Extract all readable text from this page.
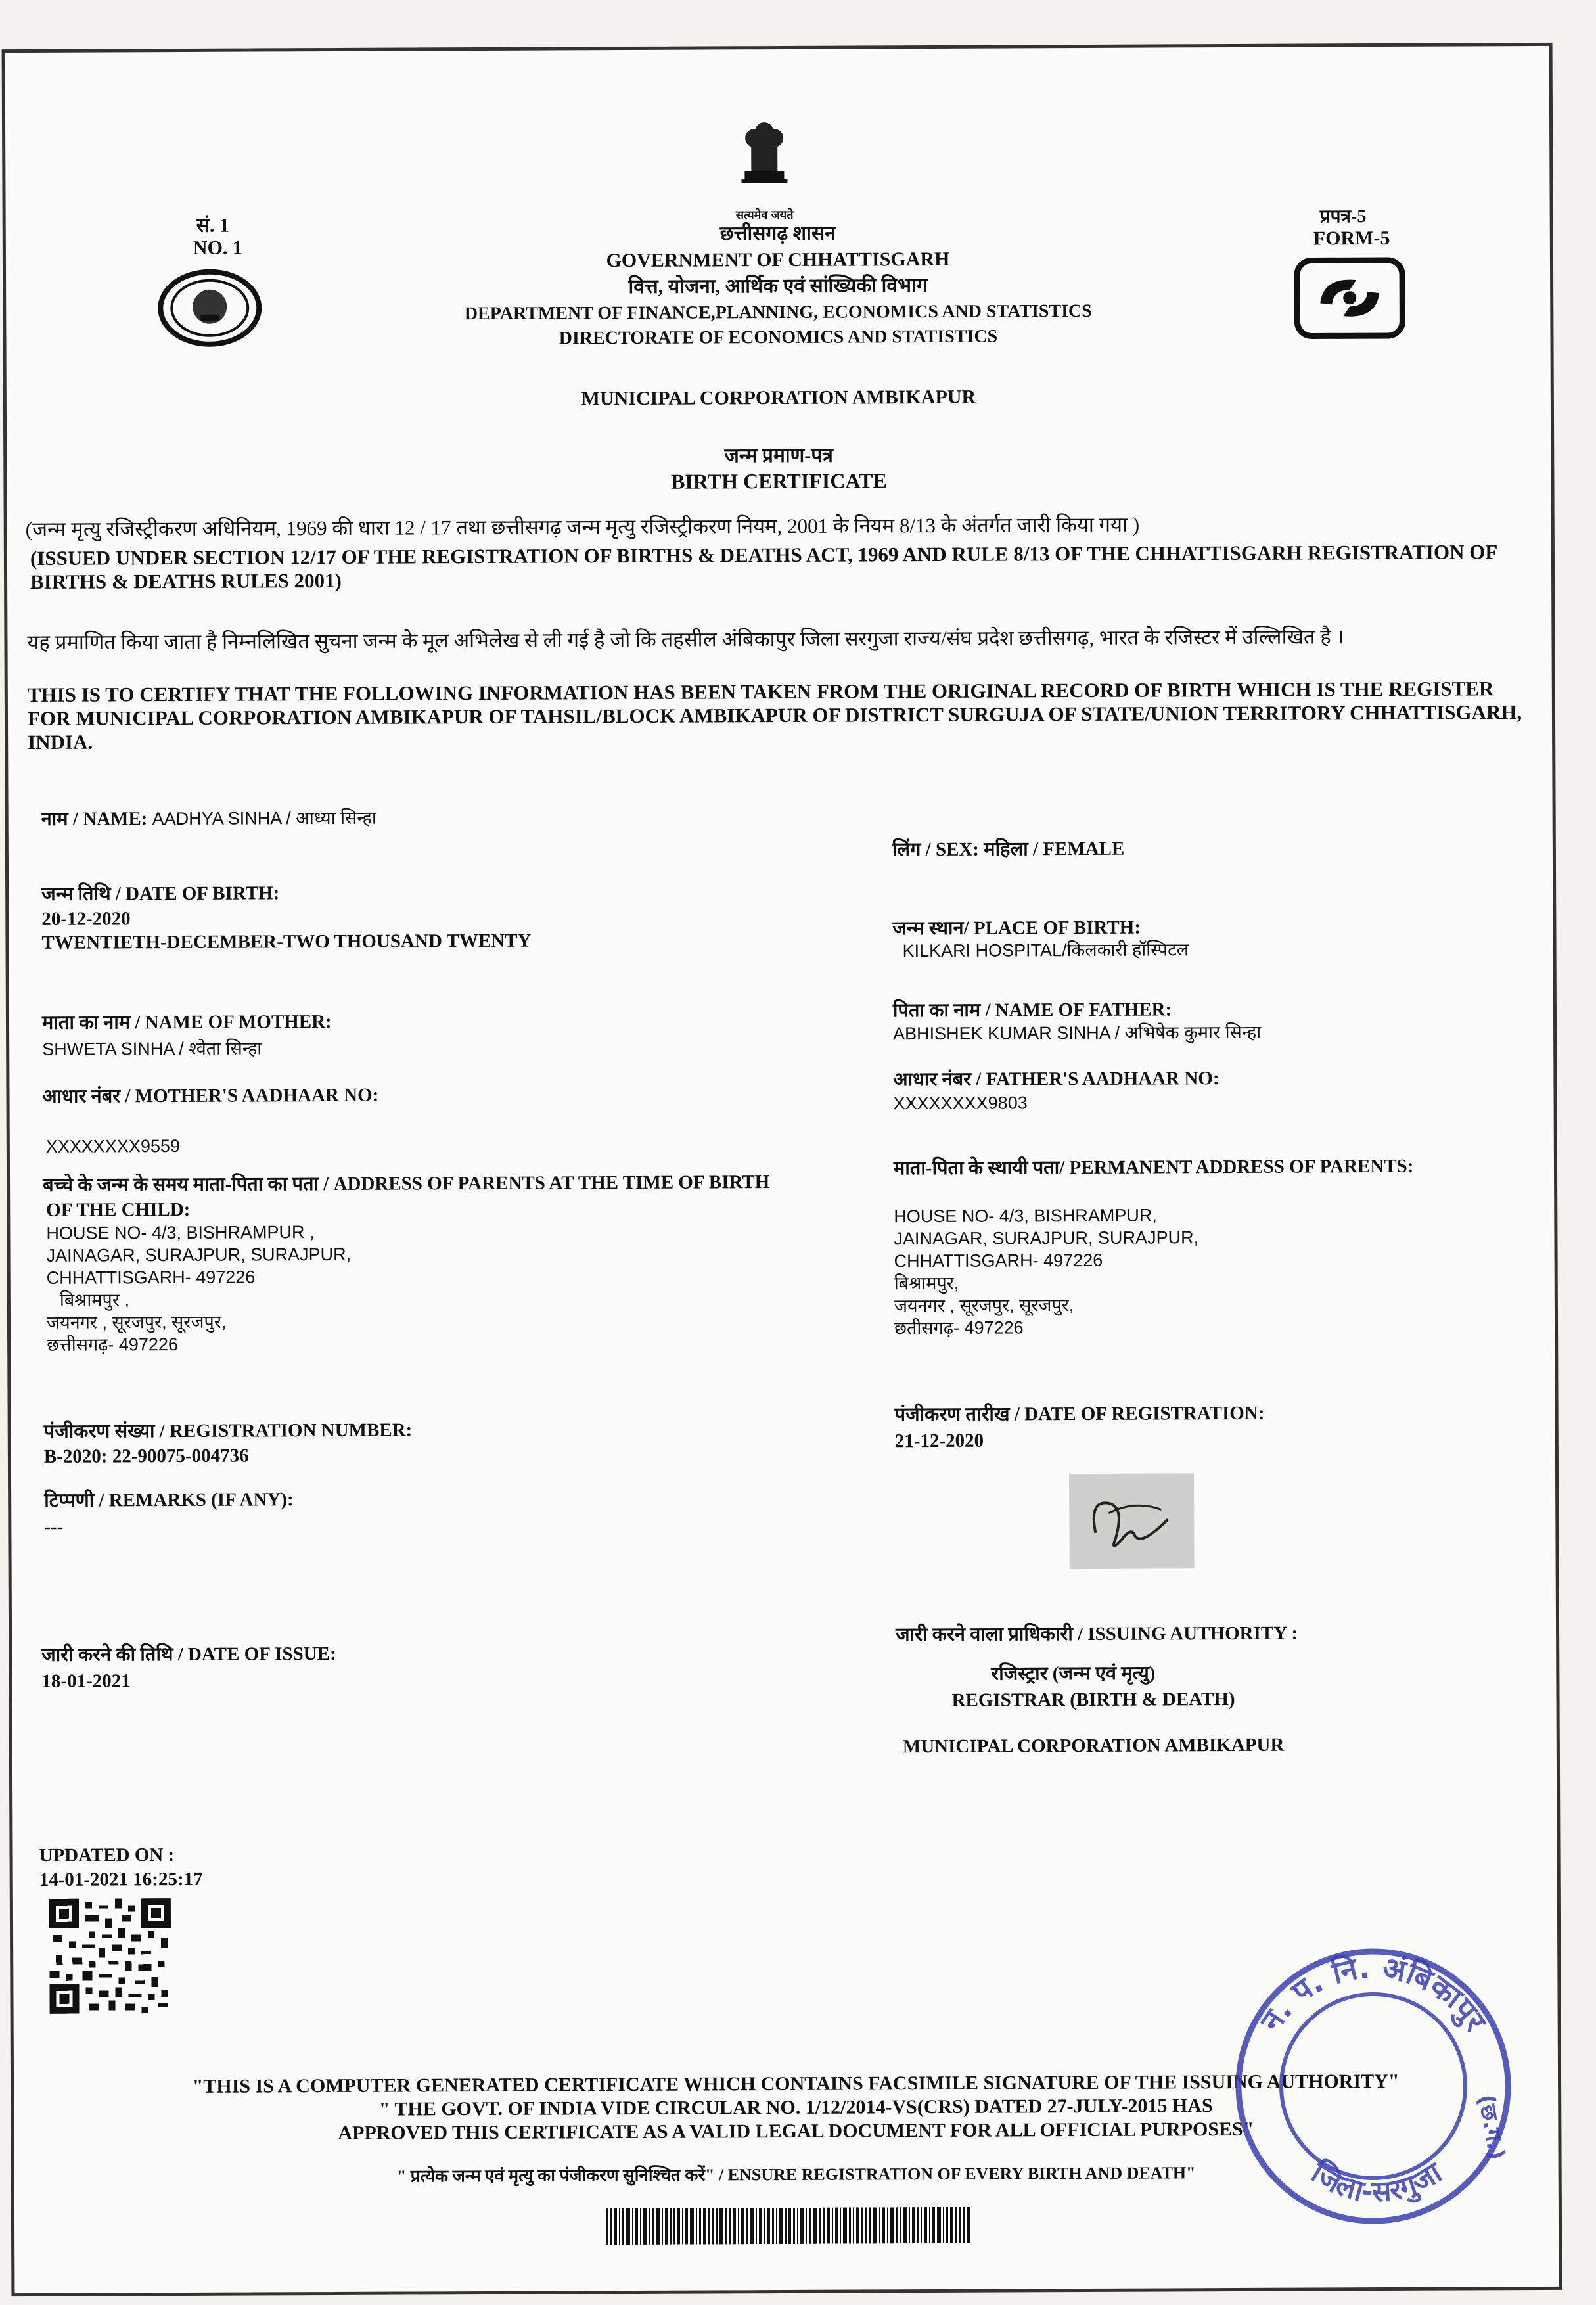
सत्यमेव जयते
सं. 1
NO. 1
प्रपत्र-5
FORM-5
छत्तीसगढ़ शासन
GOVERNMENT OF CHHATTISGARH
वित्त, योजना, आर्थिक एवं सांख्यिकी विभाग
DEPARTMENT OF FINANCE,PLANNING, ECONOMICS AND STATISTICS
DIRECTORATE OF ECONOMICS AND STATISTICS
MUNICIPAL CORPORATION AMBIKAPUR
जन्म प्रमाण-पत्र
BIRTH CERTIFICATE
(जन्म मृत्यु रजिस्ट्रीकरण अधिनियम, 1969 की धारा 12 / 17 तथा छत्तीसगढ़ जन्म मृत्यु रजिस्ट्रीकरण नियम, 2001 के नियम 8/13 के अंतर्गत जारी किया गया )
(ISSUED UNDER SECTION 12/17 OF THE REGISTRATION OF BIRTHS & DEATHS ACT, 1969 AND RULE 8/13 OF THE CHHATTISGARH REGISTRATION OF BIRTHS & DEATHS RULES 2001)
यह प्रमाणित किया जाता है निम्नलिखित सुचना जन्म के मूल अभिलेख से ली गई है जो कि तहसील अंबिकापुर जिला सरगुजा राज्य/संघ प्रदेश छत्तीसगढ़, भारत के रजिस्टर में उल्लिखित है ।
THIS IS TO CERTIFY THAT THE FOLLOWING INFORMATION HAS BEEN TAKEN FROM THE ORIGINAL RECORD OF BIRTH WHICH IS THE REGISTER FOR MUNICIPAL CORPORATION AMBIKAPUR OF TAHSIL/BLOCK AMBIKAPUR OF DISTRICT SURGUJA OF STATE/UNION TERRITORY CHHATTISGARH, INDIA.
नाम / NAME: AADHYA SINHA / आध्या सिन्हा
जन्म तिथि / DATE OF BIRTH:
20-12-2020
TWENTIETH-DECEMBER-TWO THOUSAND TWENTY
माता का नाम / NAME OF MOTHER:
SHWETA SINHA / श्वेता सिन्हा
आधार नंबर / MOTHER'S AADHAAR NO:
XXXXXXXX9559
बच्चे के जन्म के समय माता-पिता का पता / ADDRESS OF PARENTS AT THE TIME OF BIRTH
OF THE CHILD:
HOUSE NO- 4/3, BISHRAMPUR ,
JAINAGAR, SURAJPUR, SURAJPUR,
CHHATTISGARH- 497226
बिश्रामपुर ,
जयनगर , सूरजपुर, सूरजपुर,
छत्तीसगढ़- 497226
पंजीकरण संख्या / REGISTRATION NUMBER:
B-2020: 22-90075-004736
टिप्पणी / REMARKS (IF ANY):
---
जारी करने की तिथि / DATE OF ISSUE:
18-01-2021
लिंग / SEX: महिला / FEMALE
जन्म स्थान/ PLACE OF BIRTH:
KILKARI HOSPITAL/किलकारी हॉस्पिटल
पिता का नाम / NAME OF FATHER:
ABHISHEK KUMAR SINHA / अभिषेक कुमार सिन्हा
आधार नंबर / FATHER'S AADHAAR NO:
XXXXXXXX9803
माता-पिता के स्थायी पता/ PERMANENT ADDRESS OF PARENTS:
HOUSE NO- 4/3, BISHRAMPUR,
JAINAGAR, SURAJPUR, SURAJPUR,
CHHATTISGARH- 497226
बिश्रामपुर,
जयनगर , सूरजपुर, सूरजपुर,
छतीसगढ़- 497226
पंजीकरण तारीख / DATE OF REGISTRATION:
21-12-2020
जारी करने वाला प्राधिकारी / ISSUING AUTHORITY :
रजिस्ट्रार (जन्म एवं मृत्यु)
REGISTRAR (BIRTH & DEATH)
MUNICIPAL CORPORATION AMBIKAPUR
UPDATED ON :
14-01-2021 16:25:17
"THIS IS A COMPUTER GENERATED CERTIFICATE WHICH CONTAINS FACSIMILE SIGNATURE OF THE ISSUING AUTHORITY"
" THE GOVT. OF INDIA VIDE CIRCULAR NO. 1/12/2014-VS(CRS) DATED 27-JULY-2015 HAS
APPROVED THIS CERTIFICATE AS A VALID LEGAL DOCUMENT FOR ALL OFFICIAL PURPOSES"
" प्रत्येक जन्म एवं मृत्यु का पंजीकरण सुनिश्चित करें" / ENSURE REGISTRATION OF EVERY BIRTH AND DEATH"
न. प. नि. अंबिकापुर
जिला-सरगुजा
(छ.ग.)
